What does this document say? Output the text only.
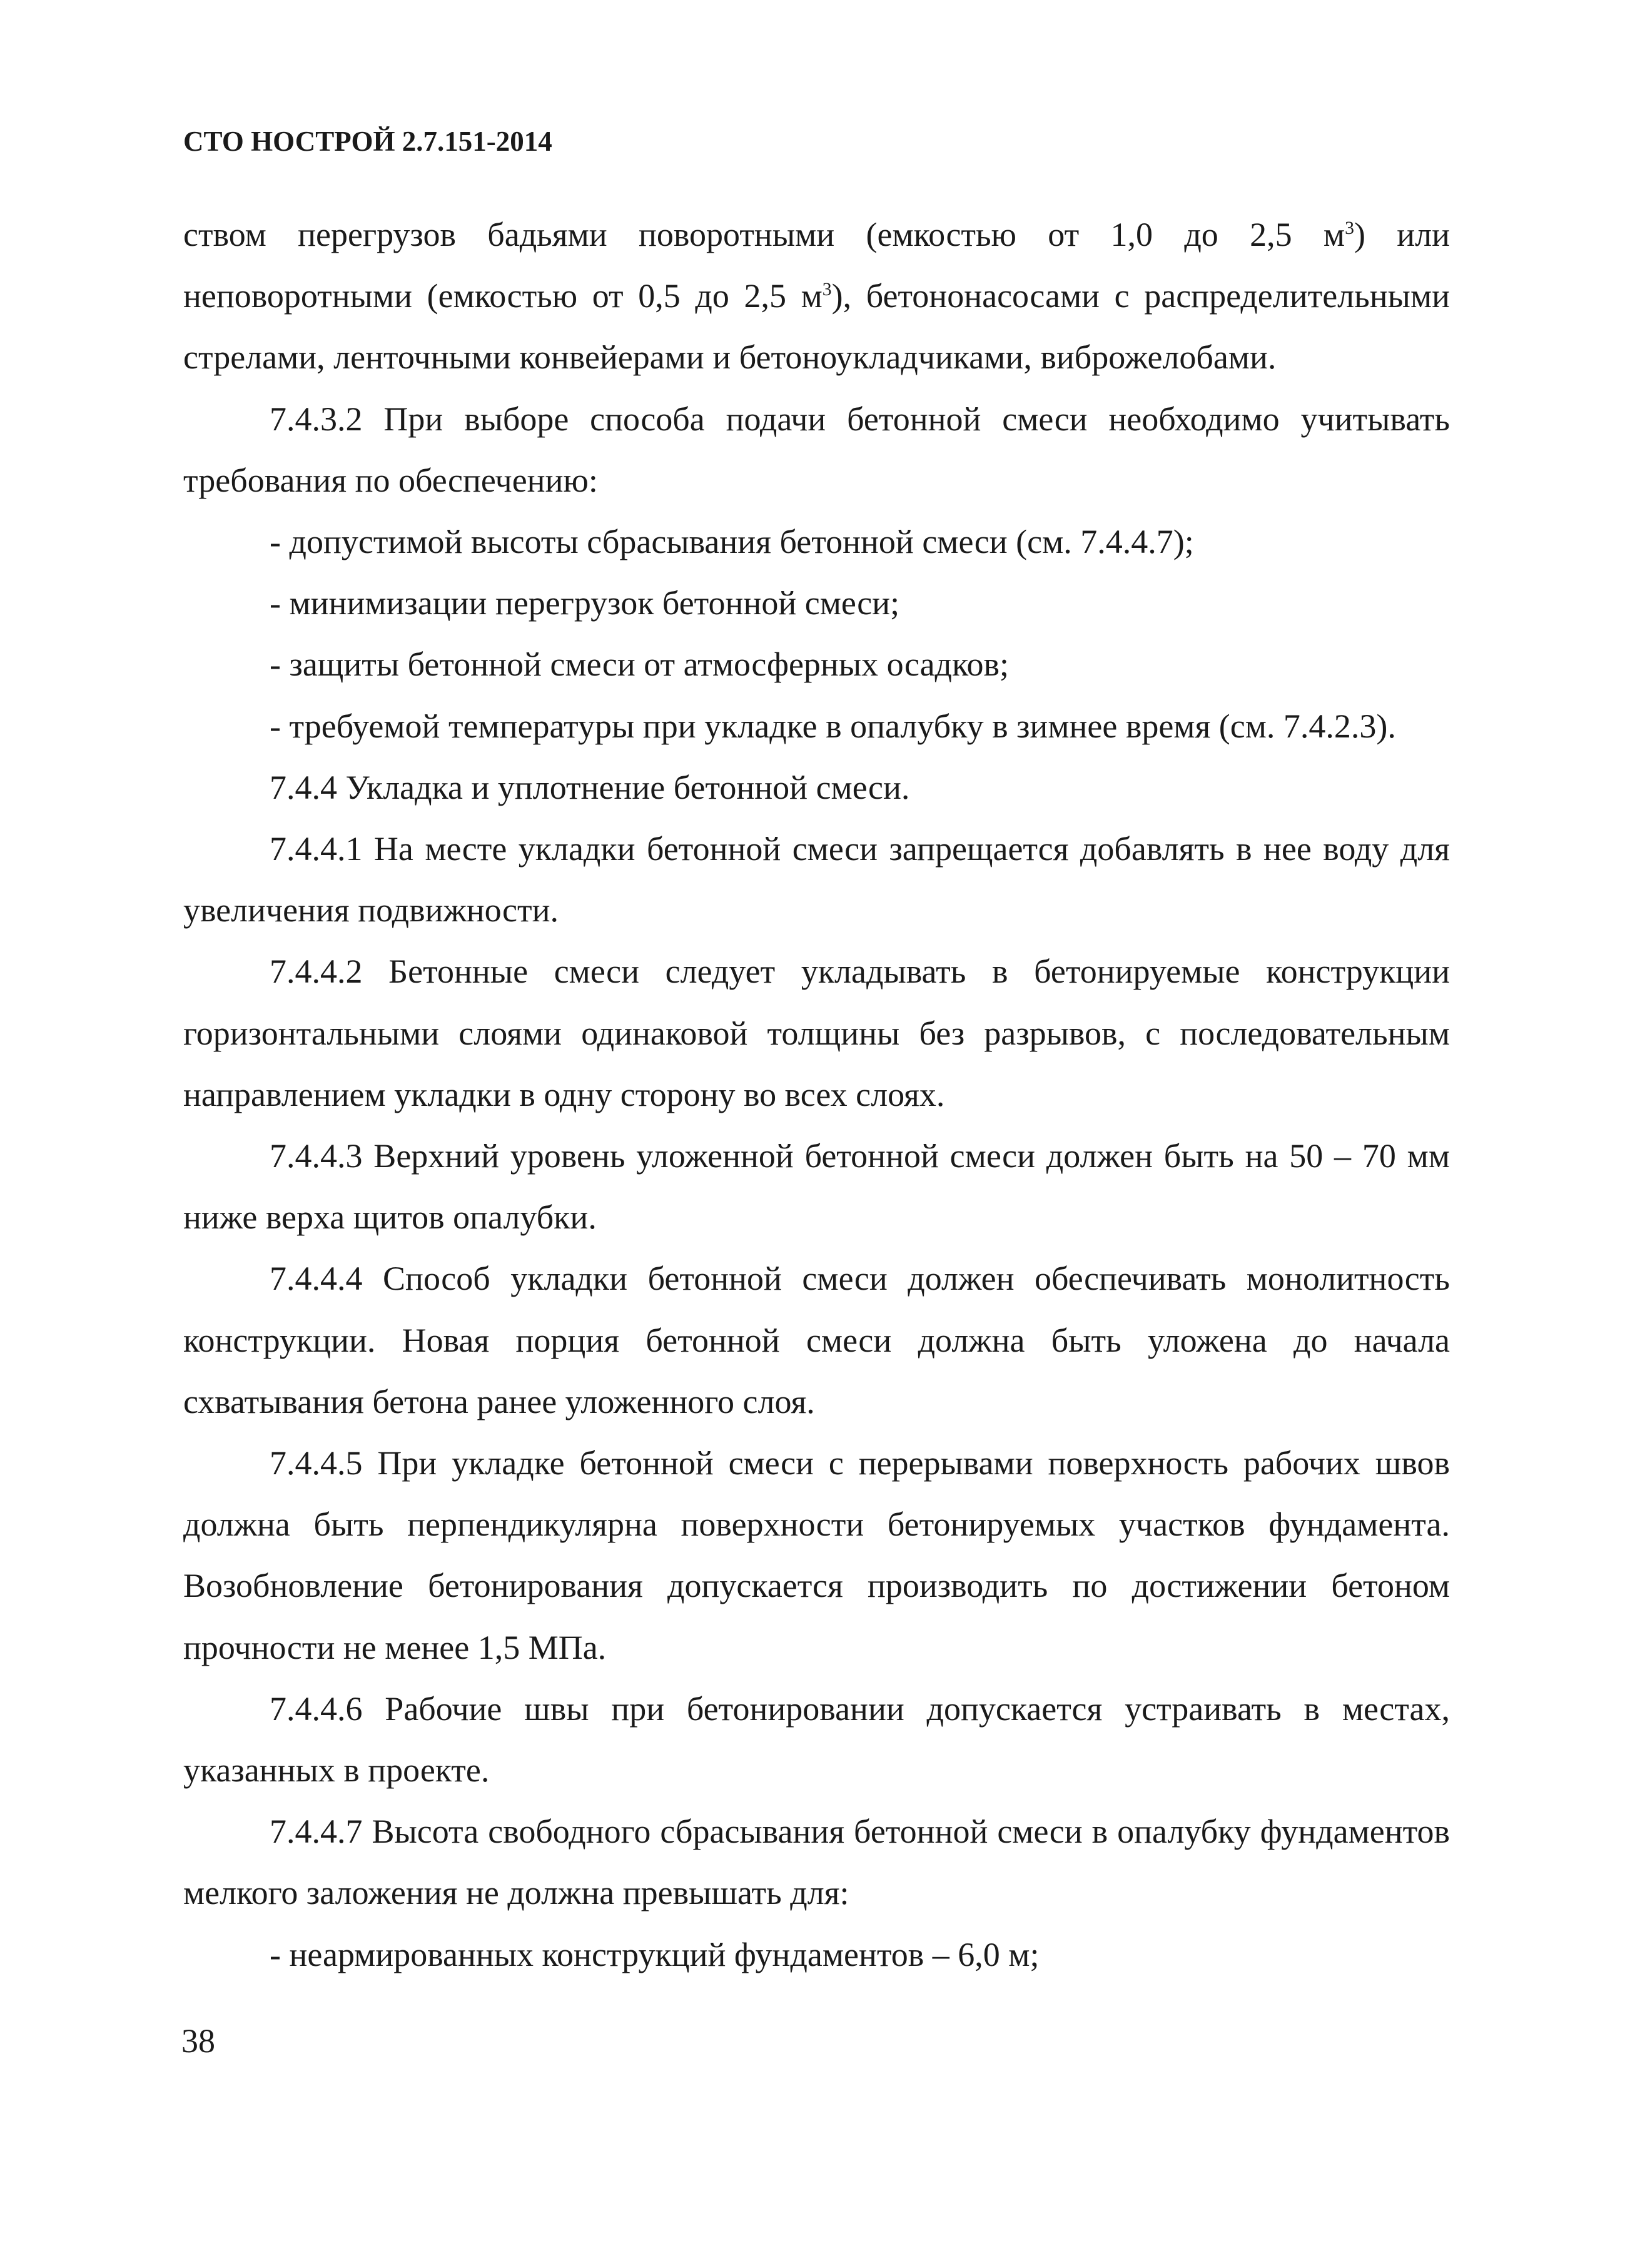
СТО НОСТРОЙ 2.7.151-2014

ством перегрузов бадьями поворотными (емкостью от 1,0 до 2,5 $м^3$) или неповоротными (емкостью от 0,5 до 2,5 $м^3$), бетононасосами с распределительными стрелами, ленточными конвейерами и бетоноукладчиками, виброжелобами.

7.4.3.2 При выборе способа подачи бетонной смеси необходимо учитывать требования по обеспечению:

- допустимой высоты сбрасывания бетонной смеси (см. 7.4.4.7);

- минимизации перегрузок бетонной смеси;

- защиты бетонной смеси от атмосферных осадков;

- требуемой температуры при укладке в опалубку в зимнее время (см. 7.4.2.3).

7.4.4 Укладка и уплотнение бетонной смеси.

7.4.4.1 На месте укладки бетонной смеси запрещается добавлять в нее воду для увеличения подвижности.

7.4.4.2 Бетонные смеси следует укладывать в бетонируемые конструкции горизонтальными слоями одинаковой толщины без разрывов, с последовательным направлением укладки в одну сторону во всех слоях.

7.4.4.3 Верхний уровень уложенной бетонной смеси должен быть на 50 – 70 мм ниже верха щитов опалубки.

7.4.4.4 Способ укладки бетонной смеси должен обеспечивать монолитность конструкции. Новая порция бетонной смеси должна быть уложена до начала схватывания бетона ранее уложенного слоя.

7.4.4.5 При укладке бетонной смеси с перерывами поверхность рабочих швов должна быть перпендикулярна поверхности бетонируемых участков фундамента. Возобновление бетонирования допускается производить по достижении бетоном прочности не менее 1,5 МПа.

7.4.4.6 Рабочие швы при бетонировании допускается устраивать в местах, указанных в проекте.

7.4.4.7 Высота свободного сбрасывания бетонной смеси в опалубку фундаментов мелкого заложения не должна превышать для:

- неармированных конструкций фундаментов – 6,0 м;

38
